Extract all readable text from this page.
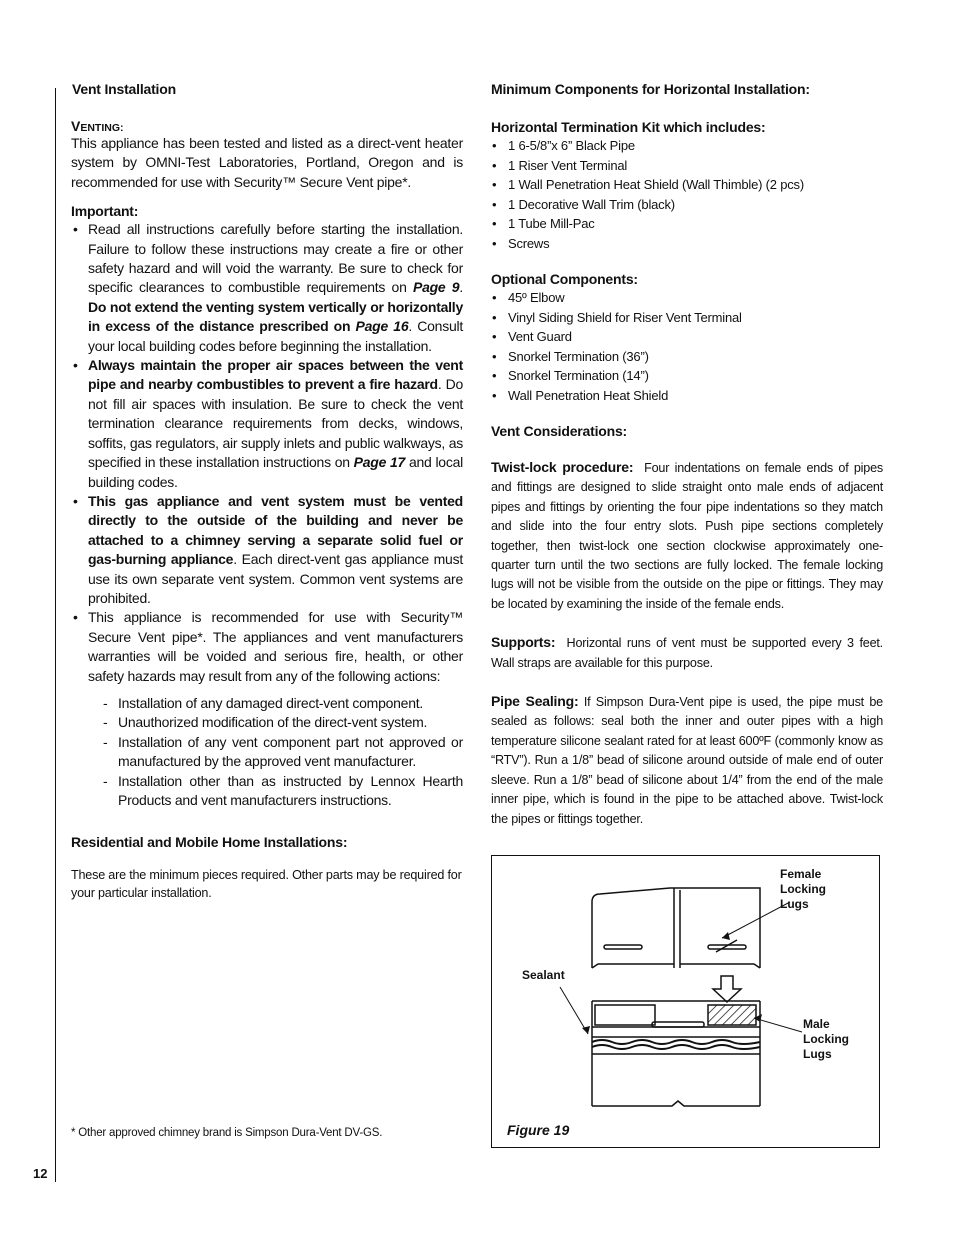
12
Vent Installation
VENTING:
This appliance has been tested and listed as a direct-vent heater system by OMNI-Test Laboratories, Portland, Oregon and is recommended for use with Security™ Secure Vent pipe*.
Important:
• Read all instructions carefully before starting the installation. Failure to follow these instructions may create a fire or other safety hazard and will void the warranty. Be sure to check for specific clearances to combustible requirements on Page 9. Do not extend the venting system vertically or horizontally in excess of the distance prescribed on Page 16. Consult your local building codes before beginning the installation.
• Always maintain the proper air spaces between the vent pipe and nearby combustibles to prevent a fire hazard. Do not fill air spaces with insulation. Be sure to check the vent termination clearance requirements from decks, windows, soffits, gas regulators, air supply inlets and public walkways, as specified in these installation instructions on Page 17 and local building codes.
• This gas appliance and vent system must be vented directly to the outside of the building and never be attached to a chimney serving a separate solid fuel or gas-burning appliance. Each direct-vent gas appliance must use its own separate vent system. Common vent systems are prohibited.
• This appliance is recommended for use with Security™ Secure Vent pipe*. The appliances and vent manufacturers warranties will be voided and serious fire, health, or other safety hazards may result from any of the following actions:
- Installation of any damaged direct-vent component.
- Unauthorized modification of the direct-vent system.
- Installation of any vent component part not approved or manufactured by the approved vent manufacturer.
- Installation other than as instructed by Lennox Hearth Products and vent manufacturers instructions.
Residential and Mobile Home Installations:
These are the minimum pieces required. Other parts may be required for your particular installation.
* Other approved chimney brand is Simpson Dura-Vent DV-GS.
Minimum Components for Horizontal Installation:
Horizontal Termination Kit which includes:
• 1 6-5/8”x 6” Black Pipe
• 1 Riser Vent Terminal
• 1 Wall Penetration Heat Shield (Wall Thimble) (2 pcs)
• 1 Decorative Wall Trim (black)
• 1 Tube Mill-Pac
• Screws
Optional Components:
• 45º Elbow
• Vinyl Siding Shield for Riser Vent Terminal
• Vent Guard
• Snorkel Termination (36”)
• Snorkel Termination (14”)
• Wall Penetration Heat Shield
Vent Considerations:
Twist-lock procedure: Four indentations on female ends of pipes and fittings are designed to slide straight onto male ends of adjacent pipes and fittings by orienting the four pipe indentations so they match and slide into the four entry slots. Push pipe sections completely together, then twist-lock one section clockwise approximately one-quarter turn until the two sections are fully locked. The female locking lugs will not be visible from the outside on the pipe or fittings. They may be located by examining the inside of the female ends.
Supports: Horizontal runs of vent must be supported every 3 feet. Wall straps are available for this purpose.
Pipe Sealing: If Simpson Dura-Vent pipe is used, the pipe must be sealed as follows: seal both the inner and outer pipes with a high temperature silicone sealant rated for at least 600ºF (commonly know as “RTV”). Run a 1/8” bead of silicone around outside of male end of outer sleeve. Run a 1/8” bead of silicone about 1/4” from the end of the male inner pipe, which is found in the pipe to be attached above. Twist-lock the pipes or fittings together.
Female Locking Lugs
Sealant
Male Locking Lugs
Figure 19
